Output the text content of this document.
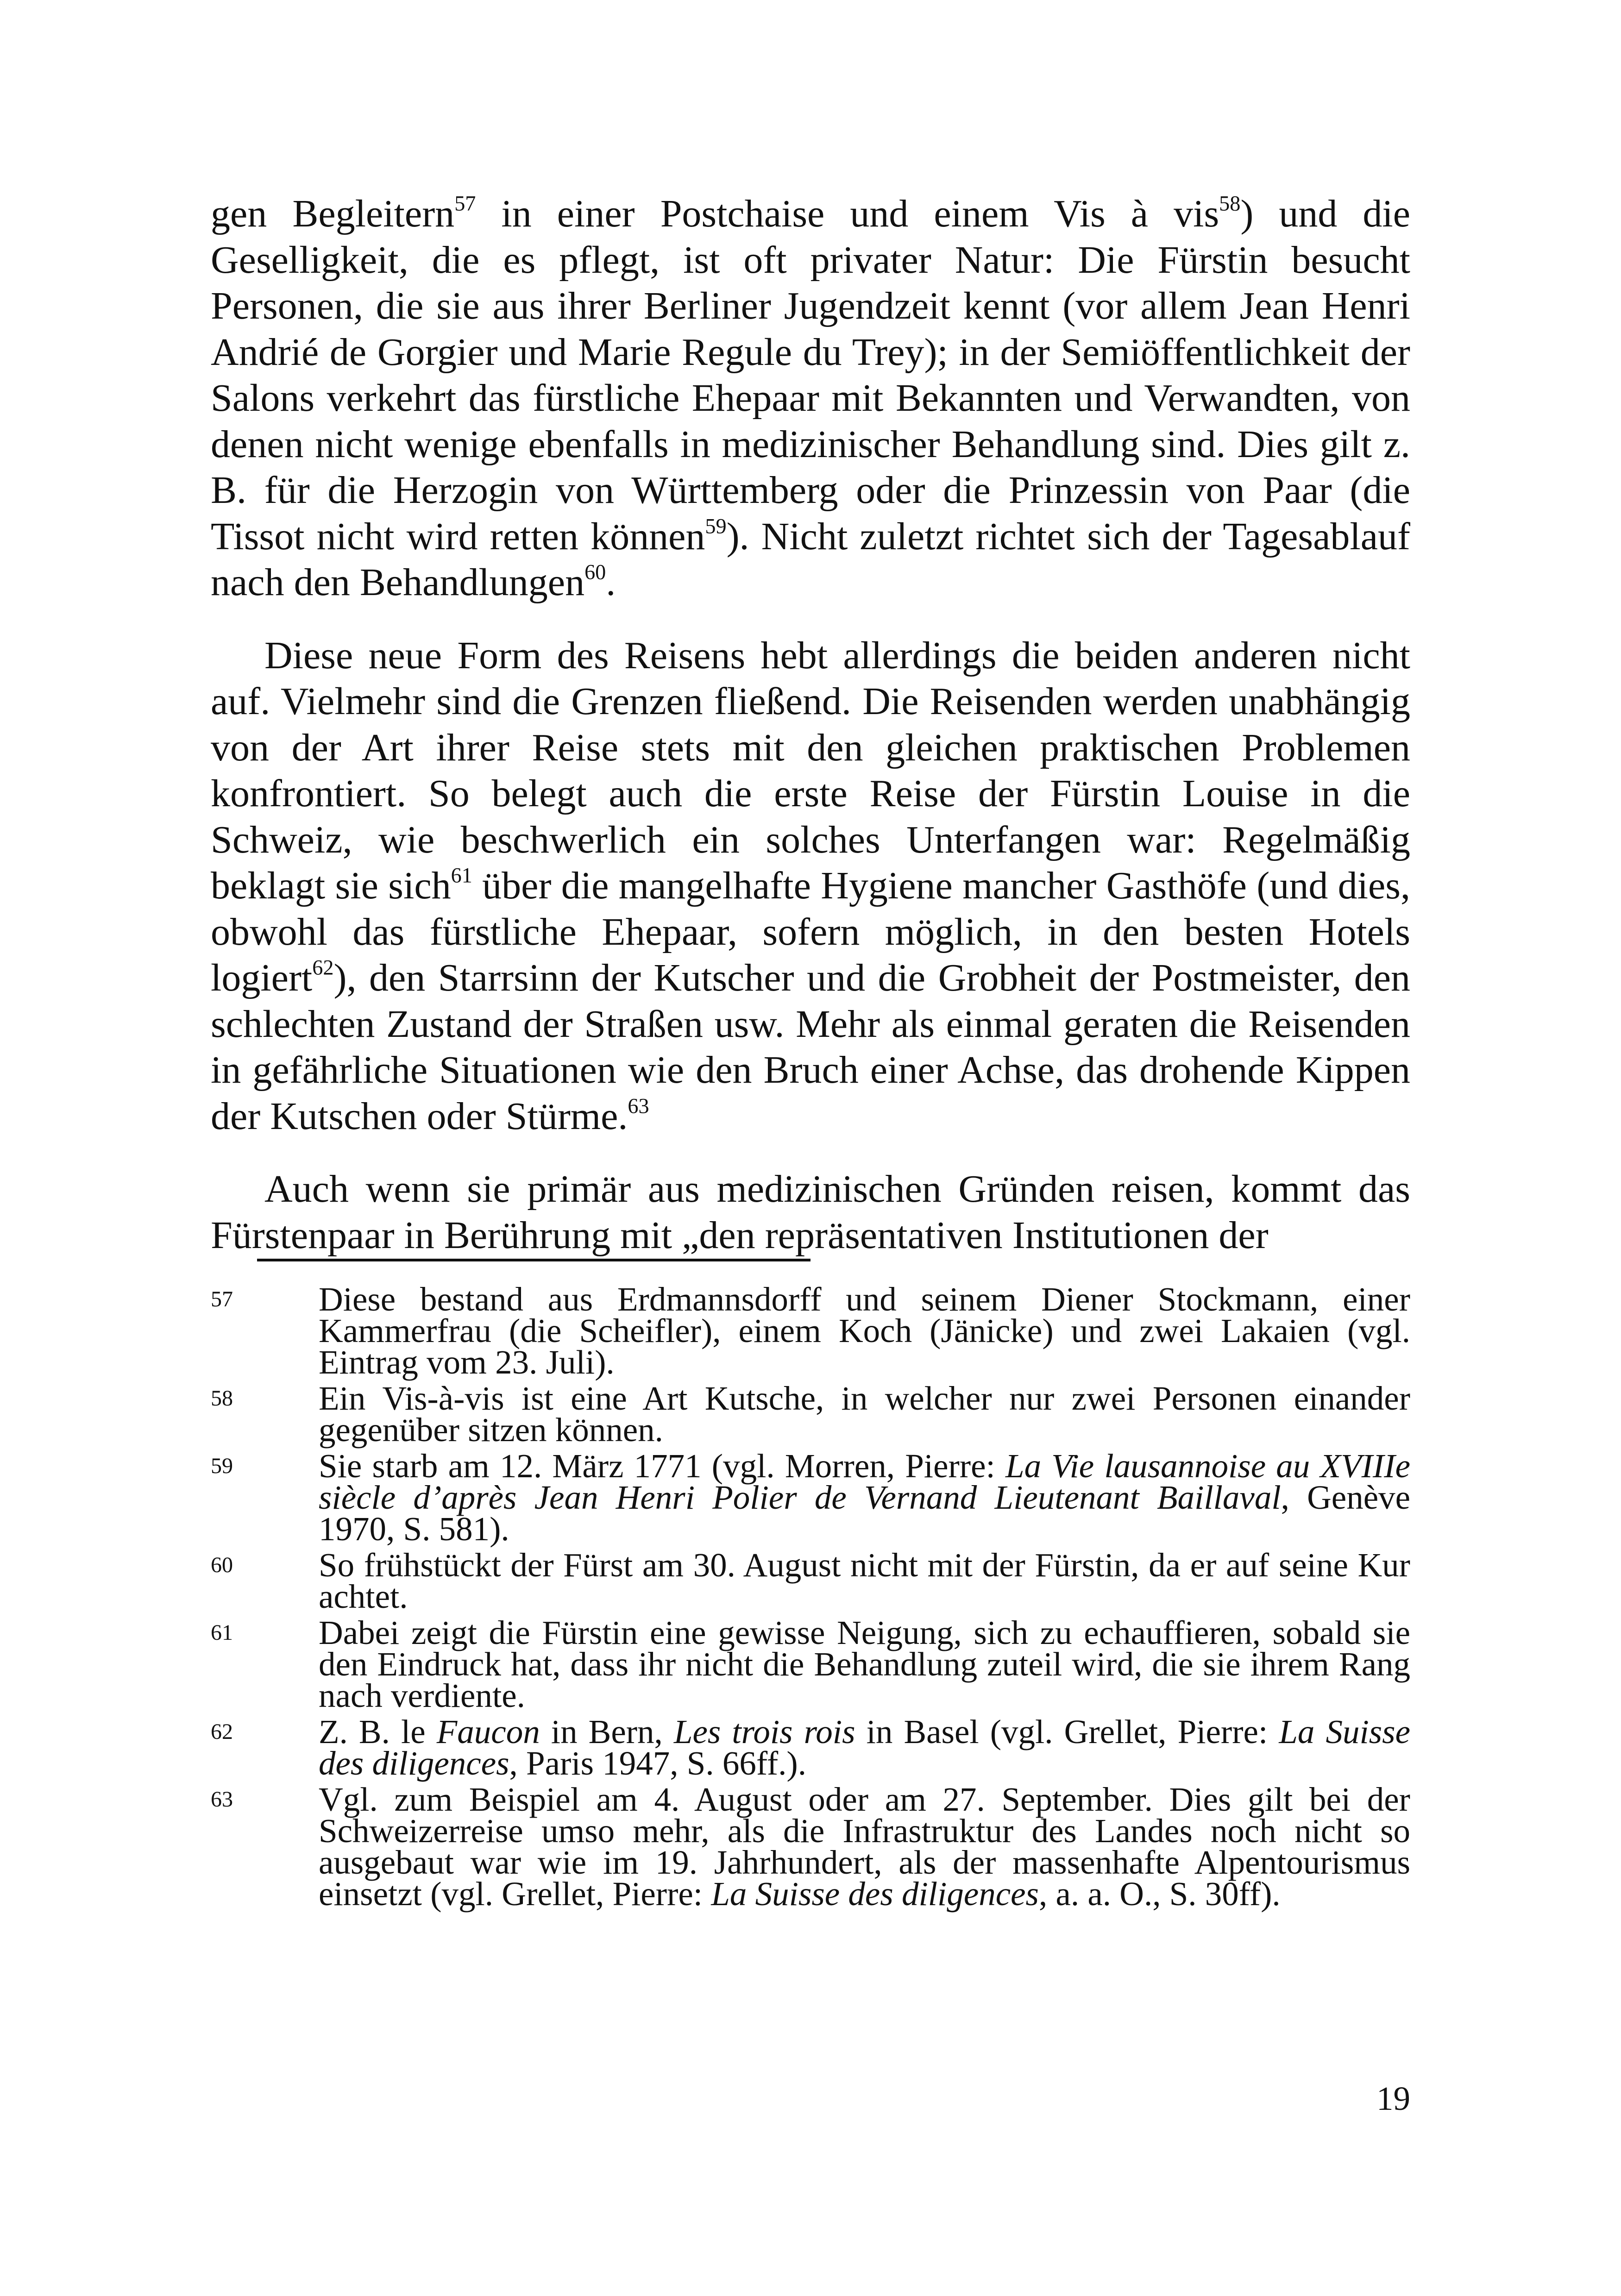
gen Begleitern$^{57}$ in einer Postchaise und einem Vis à vis$^{58}$) und die Geselligkeit, die es pflegt, ist oft privater Natur: Die Fürstin besucht Personen, die sie aus ihrer Berliner Jugendzeit kennt (vor allem Jean Henri Andrié de Gorgier und Marie Regule du Trey); in der Semiöffentlichkeit der Salons verkehrt das fürstliche Ehepaar mit Bekannten und Verwandten, von denen nicht wenige ebenfalls in medizinischer Behandlung sind. Dies gilt z. B. für die Herzogin von Württemberg oder die Prinzessin von Paar (die Tissot nicht wird retten können$^{59}$). Nicht zuletzt richtet sich der Tagesablauf nach den Behandlungen$^{60}$.

Diese neue Form des Reisens hebt allerdings die beiden anderen nicht auf. Vielmehr sind die Grenzen fließend. Die Reisenden werden unabhängig von der Art ihrer Reise stets mit den gleichen praktischen Problemen konfrontiert. So belegt auch die erste Reise der Fürstin Louise in die Schweiz, wie beschwerlich ein solches Unterfangen war: Regelmäßig beklagt sie sich$^{61}$ über die mangelhafte Hygiene mancher Gasthöfe (und dies, obwohl das fürstliche Ehepaar, sofern möglich, in den besten Hotels logiert$^{62}$), den Starrsinn der Kutscher und die Grobheit der Postmeister, den schlechten Zustand der Straßen usw. Mehr als einmal geraten die Reisenden in gefährliche Situationen wie den Bruch einer Achse, das drohende Kippen der Kutschen oder Stürme.$^{63}$

Auch wenn sie primär aus medizinischen Gründen reisen, kommt das Fürstenpaar in Berührung mit „den repräsentativen Institutionen der

57	Diese bestand aus Erdmannsdorff und seinem Diener Stockmann, einer Kammerfrau (die Scheifler), einem Koch (Jänicke) und zwei Lakaien (vgl. Eintrag vom 23. Juli).
58	Ein Vis-à-vis ist eine Art Kutsche, in welcher nur zwei Personen einander gegenüber sitzen können.
59	Sie starb am 12. März 1771 (vgl. Morren, Pierre: La Vie lausannoise au XVIIIe siècle d’après Jean Henri Polier de Vernand Lieutenant Baillaval, Genève 1970, S. 581).
60	So frühstückt der Fürst am 30. August nicht mit der Fürstin, da er auf seine Kur achtet.
61	Dabei zeigt die Fürstin eine gewisse Neigung, sich zu echauffieren, sobald sie den Eindruck hat, dass ihr nicht die Behandlung zuteil wird, die sie ihrem Rang nach verdiente.
62	Z. B. le Faucon in Bern, Les trois rois in Basel (vgl. Grellet, Pierre: La Suisse des diligences, Paris 1947, S. 66ff.).
63	Vgl. zum Beispiel am 4. August oder am 27. September. Dies gilt bei der Schweizerreise umso mehr, als die Infrastruktur des Landes noch nicht so ausgebaut war wie im 19. Jahrhundert, als der massenhafte Alpentourismus einsetzt (vgl. Grellet, Pierre: La Suisse des diligences, a. a. O., S. 30ff).
19
